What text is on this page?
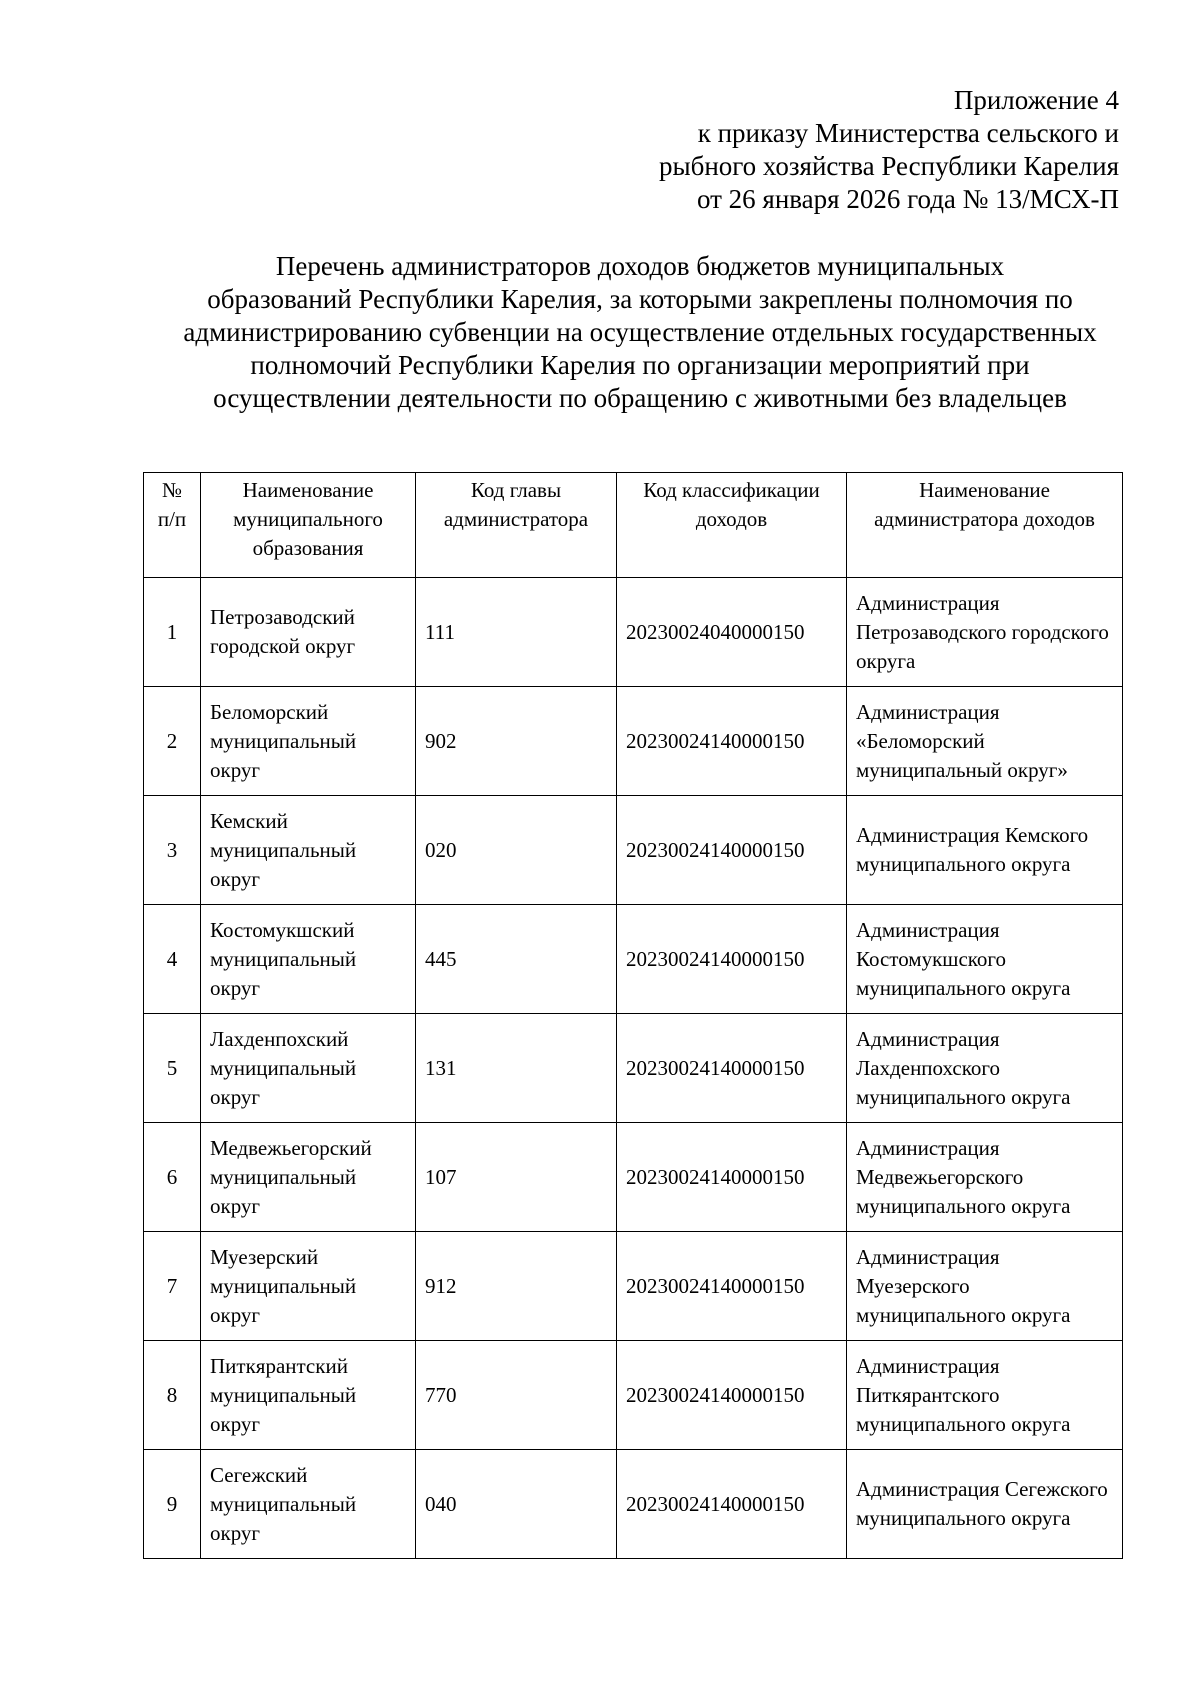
Приложение 4
к приказу Министерства сельского и
рыбного хозяйства Республики Карелия
от 26 января 2026 года № 13/МСХ-П
Перечень администраторов доходов бюджетов муниципальных
образований Республики Карелия, за которыми закреплены полномочия по
администрированию субвенции на осуществление отдельных государственных
полномочий Республики Карелия по организации мероприятий при
осуществлении деятельности по обращению с животными без владельцев
№ п/п	Наименование муниципального образования	Код главы администратора	Код классификации доходов	Наименование администратора доходов
1	Петрозаводский городской округ	111	20230024040000150	Администрация Петрозаводского городского округа
2	Беломорский муниципальный округ	902	20230024140000150	Администрация «Беломорский муниципальный округ»
3	Кемский муниципальный округ	020	20230024140000150	Администрация Кемского муниципального округа
4	Костомукшский муниципальный округ	445	20230024140000150	Администрация Костомукшского муниципального округа
5	Лахденпохский муниципальный округ	131	20230024140000150	Администрация Лахденпохского муниципального округа
6	Медвежьегорский муниципальный округ	107	20230024140000150	Администрация Медвежьегорского муниципального округа
7	Муезерский муниципальный округ	912	20230024140000150	Администрация Муезерского муниципального округа
8	Питкярантский муниципальный округ	770	20230024140000150	Администрация Питкярантского муниципального округа
9	Сегежский муниципальный округ	040	20230024140000150	Администрация Сегежского муниципального округа
